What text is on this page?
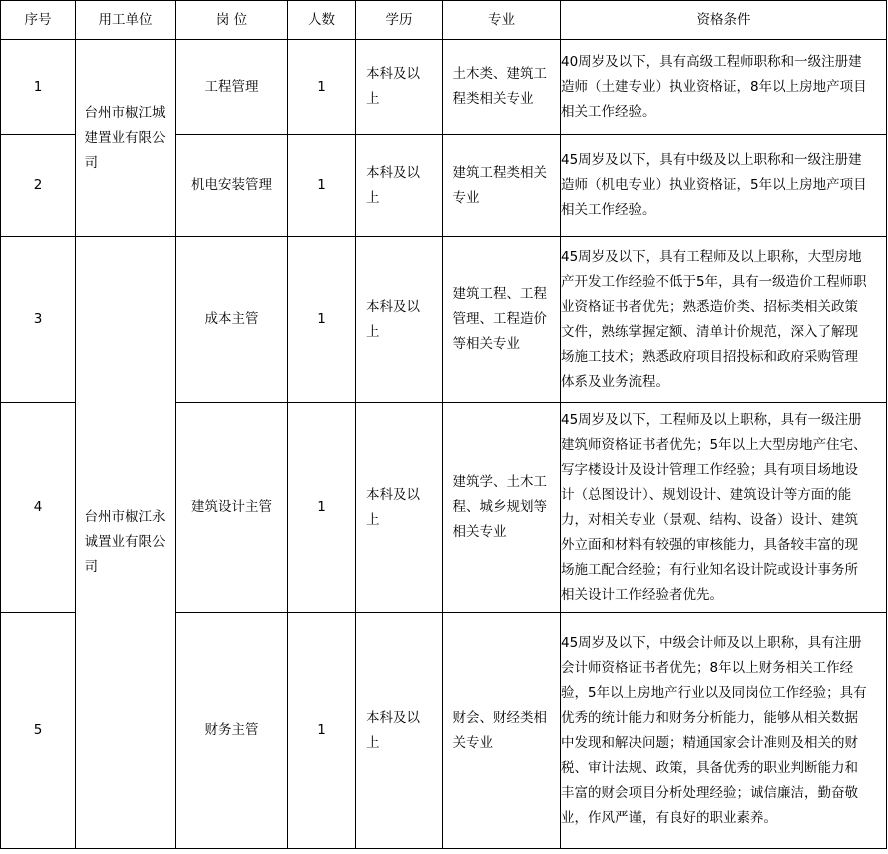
序号	用工单位	岗 位	人数	学历	专业	资格条件
1	台州市椒江城建置业有限公司	工程管理	1	本科及以上	土木类、建筑工程类相关专业	40周岁及以下，具有高级工程师职称和一级注册建造师（土建专业）执业资格证，8年以上房地产项目相关工作经验。

2		机电安装管理	1	本科及以上	建筑工程类相关专业	45周岁及以下，具有中级及以上职称和一级注册建造师（机电专业）执业资格证，5年以上房地产项目相关工作经验。

3	台州市椒江永诚置业有限公司	成本主管	1	本科及以上	建筑工程、工程管理、工程造价等相关专业	45周岁及以下，具有工程师及以上职称，大型房地产开发工作经验不低于5年，具有一级造价工程师职业资格证书者优先；熟悉造价类、招标类相关政策文件，熟练掌握定额、清单计价规范，深入了解现场施工技术；熟悉政府项目招投标和政府采购管理体系及业务流程。

4		建筑设计主管	1	本科及以上	建筑学、土木工程、城乡规划等相关专业	45周岁及以下，工程师及以上职称，具有一级注册建筑师资格证书者优先；5年以上大型房地产住宅、写字楼设计及设计管理工作经验；具有项目场地设计（总图设计）、规划设计、建筑设计等方面的能力，对相关专业（景观、结构、设备）设计、建筑外立面和材料有较强的审核能力，具备较丰富的现场施工配合经验；有行业知名设计院或设计事务所相关设计工作经验者优先。

5		财务主管	1	本科及以上	财会、财经类相关专业	45周岁及以下，中级会计师及以上职称，具有注册会计师资格证书者优先；8年以上财务相关工作经验，5年以上房地产行业以及同岗位工作经验；具有优秀的统计能力和财务分析能力，能够从相关数据中发现和解决问题；精通国家会计准则及相关的财税、审计法规、政策，具备优秀的职业判断能力和丰富的财会项目分析处理经验；诚信廉洁，勤奋敬业，作风严谨，有良好的职业素养。
